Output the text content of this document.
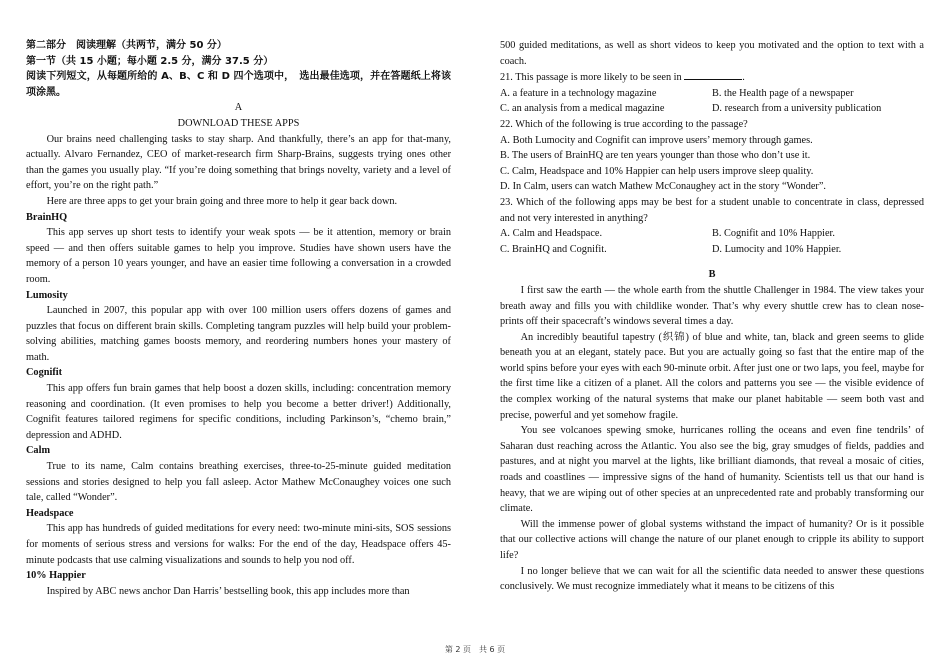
第二部分　阅读理解（共两节，满分 50 分）

第一节（共 15 小题；每小题 2.5 分，满分 37.5 分）

阅读下列短文，从每题所给的 A、B、C 和 D 四个选项中，　选出最佳选项，并在答题纸上将该项涂黑。

A

DOWNLOAD THESE APPS

Our brains need challenging tasks to stay sharp. And thankfully, there’s an app for that-many, actually. Alvaro Fernandez, CEO of market-research firm Sharp-Brains, suggests trying ones other than the games you usually play. “If you’re doing something that brings novelty, variety and a level of effort, you’re on the right path.”

Here are three apps to get your brain going and three more to help it gear back down.

BrainHQ

This app serves up short tests to identify your weak spots — be it attention, memory or brain speed — and then offers suitable games to help you improve. Studies have shown users have the memory of a person 10 years younger, and have an easier time following a conversation in a crowded room.

Lumosity

Launched in 2007, this popular app with over 100 million users offers dozens of games and puzzles that focus on different brain skills. Completing tangram puzzles will help build your problem-solving abilities, matching games boosts memory, and reordering numbers hones your mastery of math.

Cognifit

This app offers fun brain games that help boost a dozen skills, including: concentration memory reasoning and coordination. (It even promises to help you become a better driver!) Additionally, Cognifit features tailored regimens for specific conditions, including Parkinson’s, “chemo brain,” depression and ADHD.

Calm

True to its name, Calm contains breathing exercises, three-to-25-minute guided meditation sessions and stories designed to help you fall asleep. Actor Mathew McConaughey voices one such tale, called “Wonder”.

Headspace

This app has hundreds of guided meditations for every need: two-minute mini-sits, SOS sessions for moments of serious stress and versions for walks: For the end of the day, Headspace offers 45-minute podcasts that use calming visualizations and sounds to help you nod off.

10% Happier

Inspired by ABC news anchor Dan Harris’ bestselling book, this app includes more than

500 guided meditations, as well as short videos to keep you motivated and the option to text with a coach.

21. This passage is more likely to be seen in	.

A. a feature in a technology magazine	B. the Health page of a newspaper
C. an analysis from a medical magazine	D. research from a university publication

22. Which of the following is true according to the passage?

A. Both Lumocity and Cognifit can improve users’ memory through games.

B. The users of BrainHQ are ten years younger than those who don’t use it.

C. Calm, Headspace and 10% Happier can help users improve sleep quality.

D. In Calm, users can watch Mathew McConaughey act in the story “Wonder”.

23. Which of the following apps may be best for a student unable to concentrate in class, depressed and not very interested in anything?

A. Calm and Headspace.	B. Cognifit and 10% Happier.
C. BrainHQ and Cognifit.	D. Lumocity and 10% Happier.

B

I first saw the earth — the whole earth from the shuttle Challenger in 1984. The view takes your breath away and fills you with childlike wonder. That’s why every shuttle crew has to clean nose-prints off their spacecraft’s windows several times a day.

An incredibly beautiful tapestry (织锦) of blue and white, tan, black and green seems to glide beneath you at an elegant, stately pace. But you are actually going so fast that the entire map of the world spins before your eyes with each 90-minute orbit. After just one or two laps, you feel, maybe for the first time like a citizen of a planet. All the colors and patterns you see — the visible evidence of the complex working of the natural systems that make our planet habitable — seem both vast and precise, powerful and yet somehow fragile.

You see volcanoes spewing smoke, hurricanes rolling the oceans and even fine tendrils’ of Saharan dust reaching across the Atlantic. You also see the big, gray smudges of fields, paddies and pastures, and at night you marvel at the lights, like brilliant diamonds, that reveal a mosaic of cities, roads and coastlines — impressive signs of the hand of humanity. Scientists tell us that our hand is heavy, that we are wiping out of other species at an unprecedented rate and probably transforming our climate.

Will the immense power of global systems withstand the impact of humanity? Or is it possible that our collective actions will change the nature of our planet enough to cripple its ability to support life?

I no longer believe that we can wait for all the scientific data needed to answer these questions conclusively. We must recognize immediately what it means to be citizens of this

第 2 页　共 6 页
